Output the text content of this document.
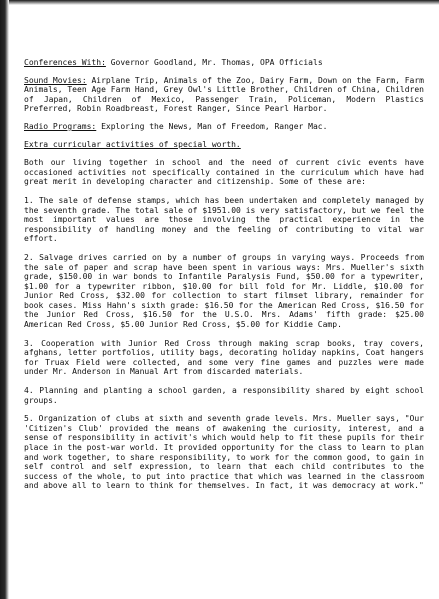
Conferences With: Governor Goodland, Mr. Thomas, OPA Officials

Sound Movies: Airplane Trip, Animals of the Zoo, Dairy Farm, Down on the Farm, Farm Animals, Teen Age Farm Hand, Grey Owl's Little Brother, Children of China, Children of Japan, Children of Mexico, Passenger Train, Policeman, Modern Plastics Preferred, Robin Roadbreast, Forest Ranger, Since Pearl Harbor.

Radio Programs: Exploring the News, Man of Freedom, Ranger Mac.

Extra curricular activities of special worth.

Both our living together in school and the need of current civic events have occasioned activities not specifically contained in the curriculum which have had great merit in developing character and citizenship. Some of these are:

1. The sale of defense stamps, which has been undertaken and completely managed by the seventh grade. The total sale of $1951.00 is very satisfactory, but we feel the most important values are those involving the practical experience in the responsibility of handling money and the feeling of contributing to vital war effort.

2. Salvage drives carried on by a number of groups in varying ways. Proceeds from the sale of paper and scrap have been spent in various ways: Mrs. Mueller's sixth grade, $150.00 in war bonds to Infantile Paralysis Fund, $50.00 for a typewriter, $1.00 for a typewriter ribbon, $10.00 for bill fold for Mr. Liddle, $10.00 for Junior Red Cross, $32.00 for collection to start filmset library, remainder for book cases. Miss Hahn's sixth grade: $16.50 for the American Red Cross, $16.50 for the Junior Red Cross, $16.50 for the U.S.O. Mrs. Adams' fifth grade: $25.00 American Red Cross, $5.00 Junior Red Cross, $5.00 for Kiddie Camp.

3. Cooperation with Junior Red Cross through making scrap books, tray covers, afghans, letter portfolios, utility bags, decorating holiday napkins, Coat hangers for Truax Field were collected, and some very fine games and puzzles were made under Mr. Anderson in Manual Art from discarded materials.

4. Planning and planting a school garden, a responsibility shared by eight school groups.

5. Organization of clubs at sixth and seventh grade levels. Mrs. Mueller says, "Our 'Citizen's Club' provided the means of awakening the curiosity, interest, and a sense of responsibility in activit's which would help to fit these pupils for their place in the post-war world. It provided opportunity for the class to learn to plan and work together, to share responsibility, to work for the common good, to gain in self control and self expression, to learn that each child contributes to the success of the whole, to put into practice that which was learned in the classroom and above all to learn to think for themselves. In fact, it was democracy at work."
